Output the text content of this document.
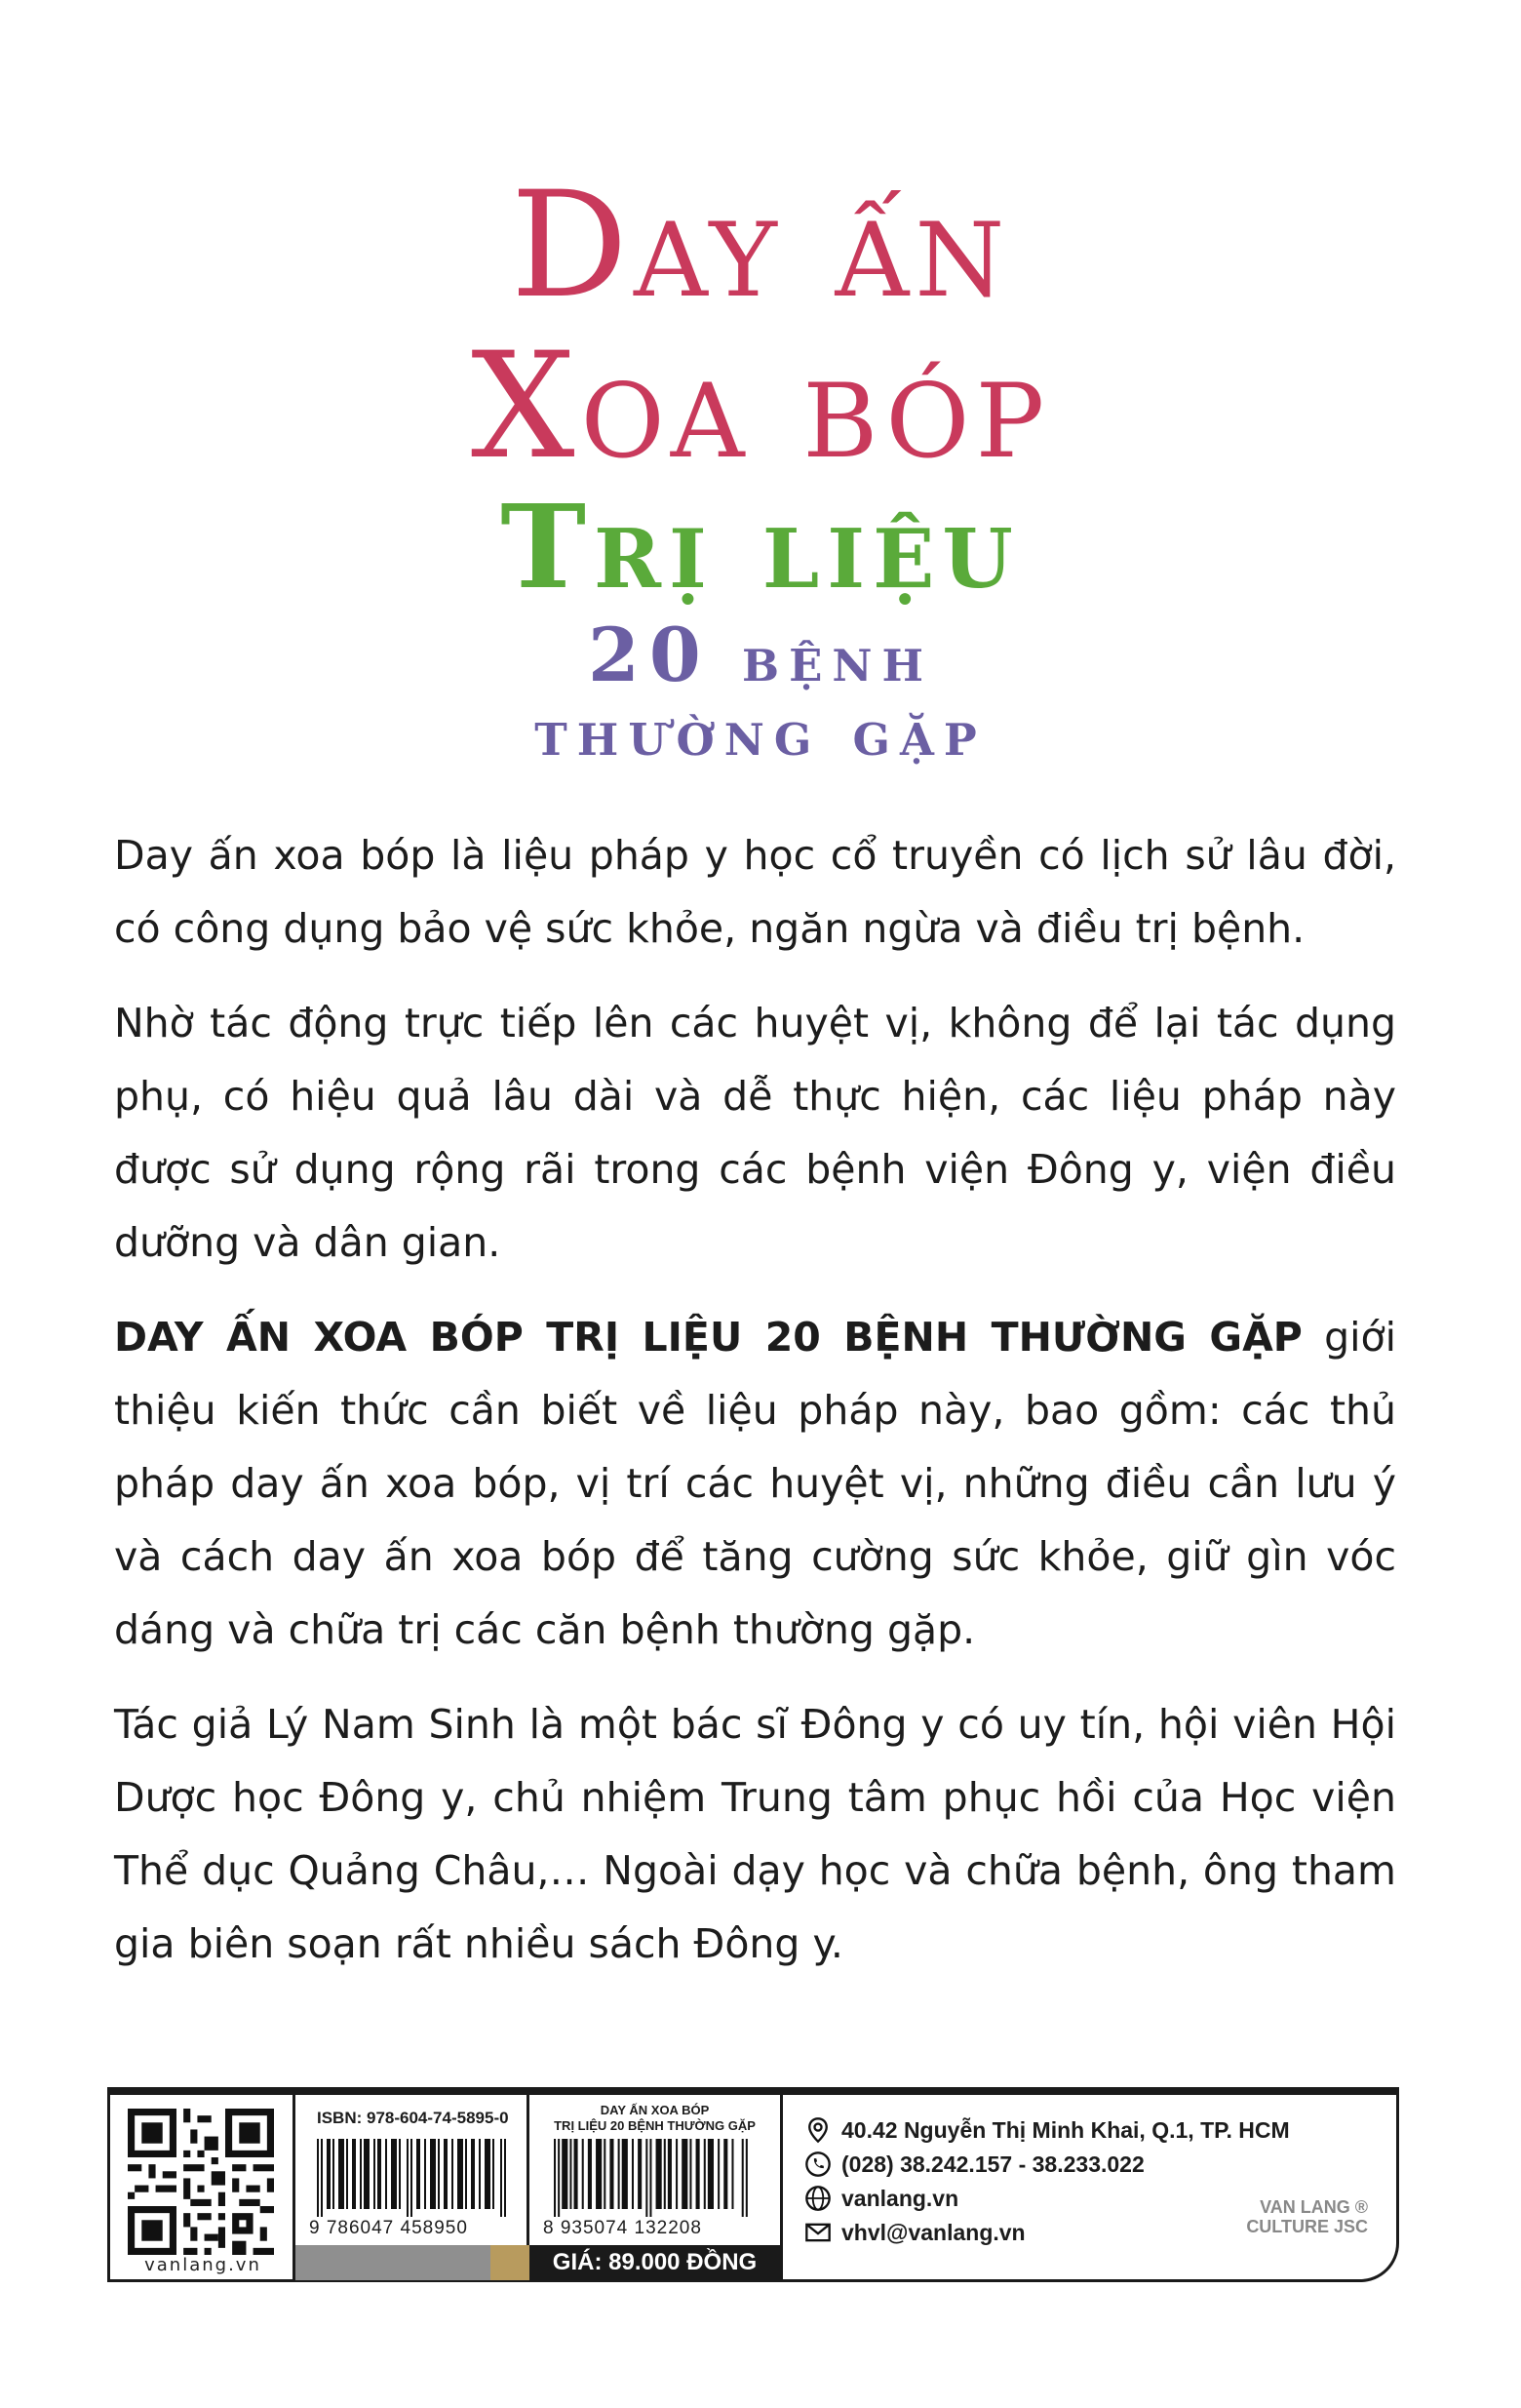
Day ấn
Xoa bóp
Trị liệu
20 bệnh
thường gặp

Day ấn xoa bóp là liệu pháp y học cổ truyền có lịch sử lâu đời, có công dụng bảo vệ sức khỏe, ngăn ngừa và điều trị bệnh.

Nhờ tác động trực tiếp lên các huyệt vị, không để lại tác dụng phụ, có hiệu quả lâu dài và dễ thực hiện, các liệu pháp này được sử dụng rộng rãi trong các bệnh viện Đông y, viện điều dưỡng và dân gian.

DAY ẤN XOA BÓP TRỊ LIỆU 20 BỆNH THƯỜNG GẶP giới thiệu kiến thức cần biết về liệu pháp này, bao gồm: các thủ pháp day ấn xoa bóp, vị trí các huyệt vị, những điều cần lưu ý và cách day ấn xoa bóp để tăng cường sức khỏe, giữ gìn vóc dáng và chữa trị các căn bệnh thường gặp.

Tác giả Lý Nam Sinh là một bác sĩ Đông y có uy tín, hội viên Hội Dược học Đông y, chủ nhiệm Trung tâm phục hồi của Học viện Thể dục Quảng Châu,… Ngoài dạy học và chữa bệnh, ông tham gia biên soạn rất nhiều sách Đông y.

vanlang.vn
ISBN: 978-604-74-5895-0
9 786047 458950
DAY ẤN XOA BÓP
TRỊ LIỆU 20 BỆNH THƯỜNG GẶP
8 935074 132208
GIÁ: 89.000 ĐỒNG
40.42 Nguyễn Thị Minh Khai, Q.1, TP. HCM
(028) 38.242.157 - 38.233.022
vanlang.vn
vhvl@vanlang.vn
VAN LANG ®
CULTURE JSC
